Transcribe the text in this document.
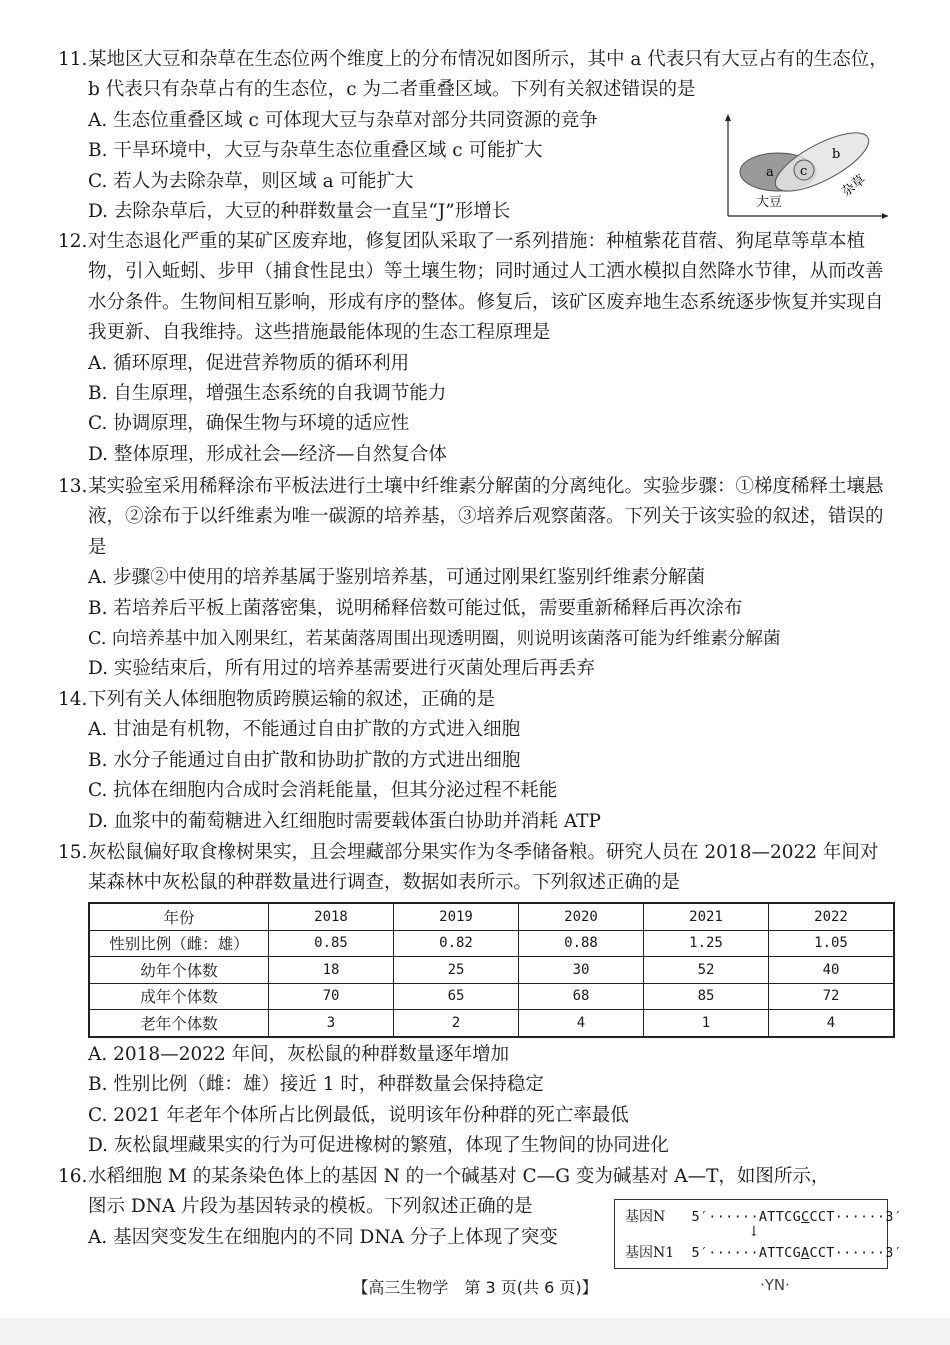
11.某地区大豆和杂草在生态位两个维度上的分布情况如图所示，其中 a 代表只有大豆占有的生态位，b 代表只有杂草占有的生态位，c 为二者重叠区域。下列有关叙述错误的是

A. 生态位重叠区域 c 可体现大豆与杂草对部分共同资源的竞争

B. 干旱环境中，大豆与杂草生态位重叠区域 c 可能扩大

C. 若人为去除杂草，则区域 a 可能扩大

D. 去除杂草后，大豆的种群数量会一直呈“J”形增长

a c
b
大豆
杂草

12.对生态退化严重的某矿区废弃地，修复团队采取了一系列措施：种植紫花苜蓿、狗尾草等草本植物，引入蚯蚓、步甲（捕食性昆虫）等土壤生物；同时通过人工洒水模拟自然降水节律，从而改善水分条件。生物间相互影响，形成有序的整体。修复后，该矿区废弃地生态系统逐步恢复并实现自我更新、自我维持。这些措施最能体现的生态工程原理是

A. 循环原理，促进营养物质的循环利用

B. 自生原理，增强生态系统的自我调节能力

C. 协调原理，确保生物与环境的适应性

D. 整体原理，形成社会—经济—自然复合体

13.某实验室采用稀释涂布平板法进行土壤中纤维素分解菌的分离纯化。实验步骤：①梯度稀释土壤悬液，②涂布于以纤维素为唯一碳源的培养基，③培养后观察菌落。下列关于该实验的叙述，错误的是

A. 步骤②中使用的培养基属于鉴别培养基，可通过刚果红鉴别纤维素分解菌

B. 若培养后平板上菌落密集，说明稀释倍数可能过低，需要重新稀释后再次涂布

C. 向培养基中加入刚果红，若某菌落周围出现透明圈，则说明该菌落可能为纤维素分解菌

D. 实验结束后，所有用过的培养基需要进行灭菌处理后再丢弃

14.下列有关人体细胞物质跨膜运输的叙述，正确的是

A. 甘油是有机物，不能通过自由扩散的方式进入细胞

B. 水分子能通过自由扩散和协助扩散的方式进出细胞

C. 抗体在细胞内合成时会消耗能量，但其分泌过程不耗能

D. 血浆中的葡萄糖进入红细胞时需要载体蛋白协助并消耗 ATP

15.灰松鼠偏好取食橡树果实，且会埋藏部分果实作为冬季储备粮。研究人员在 2018—2022 年间对某森林中灰松鼠的种群数量进行调查，数据如表所示。下列叙述正确的是

年份	2018	2019	2020	2021	2022
性别比例（雌：雄）	0.85	0.82	0.88	1.25	1.05
幼年个体数	18	25	30	52	40
成年个体数	70	65	68	85	72
老年个体数	3	2	4	1	4

A. 2018—2022 年间，灰松鼠的种群数量逐年增加

B. 性别比例（雌：雄）接近 1 时，种群数量会保持稳定

C. 2021 年老年个体所占比例最低，说明该年份种群的死亡率最低

D. 灰松鼠埋藏果实的行为可促进橡树的繁殖，体现了生物间的协同进化

16.水稻细胞 M 的某条染色体上的基因 N 的一个碱基对 C—G 变为碱基对 A—T，如图所示，

图示 DNA 片段为基因转录的模板。下列叙述正确的是

A. 基因突变发生在细胞内的不同 DNA 分子上体现了突变

基因N 5′······ATTCGCCCT······3′
↓
基因N1 5′······ATTCGACCT······3′
【高三生物学　第 3 页(共 6 页)】	·YN·
